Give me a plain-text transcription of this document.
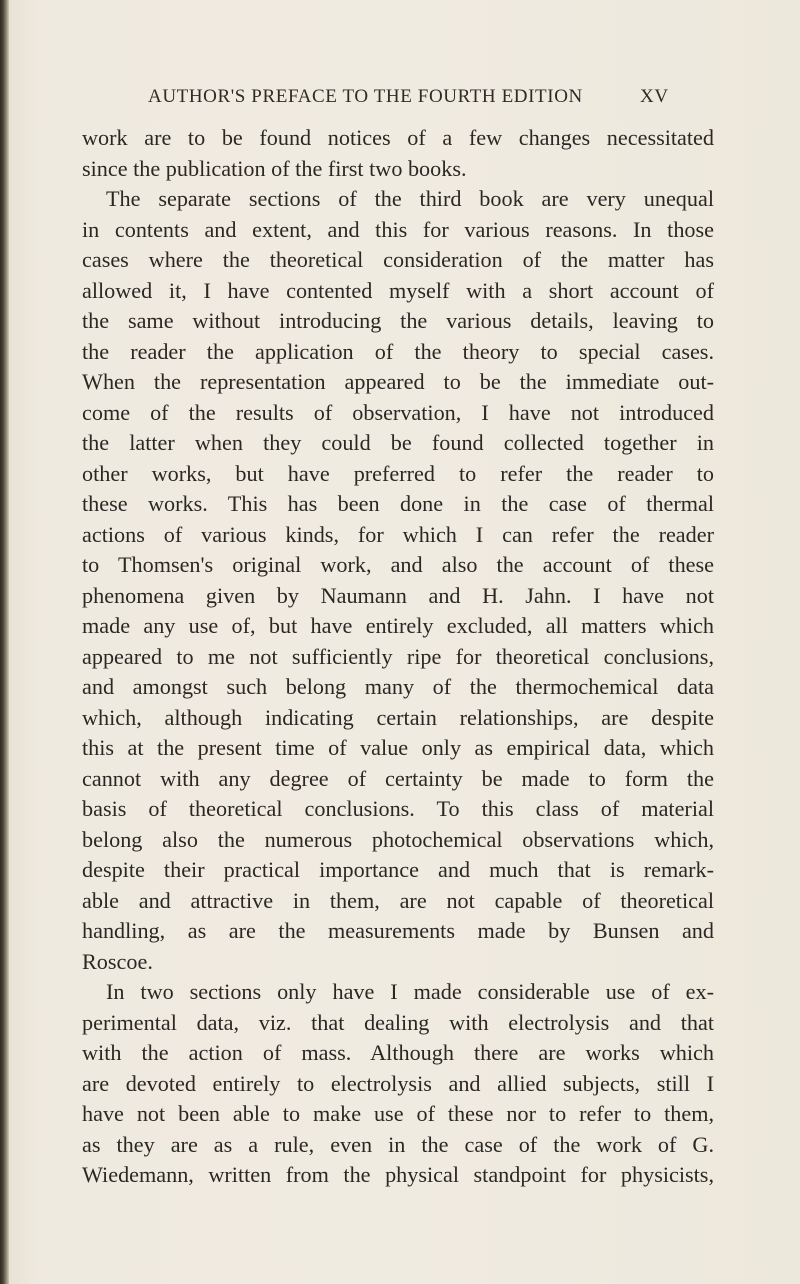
AUTHOR'S PREFACE TO THE FOURTH EDITION	XV
work are to be found notices of a few changes necessitated
since the publication of the first two books.
The separate sections of the third book are very unequal
in contents and extent, and this for various reasons. In those
cases where the theoretical consideration of the matter has
allowed it, I have contented myself with a short account of
the same without introducing the various details, leaving to
the reader the application of the theory to special cases.
When the representation appeared to be the immediate out-
come of the results of observation, I have not introduced
the latter when they could be found collected together in
other works, but have preferred to refer the reader to
these works. This has been done in the case of thermal
actions of various kinds, for which I can refer the reader
to Thomsen's original work, and also the account of these
phenomena given by Naumann and H. Jahn. I have not
made any use of, but have entirely excluded, all matters which
appeared to me not sufficiently ripe for theoretical conclusions,
and amongst such belong many of the thermochemical data
which, although indicating certain relationships, are despite
this at the present time of value only as empirical data, which
cannot with any degree of certainty be made to form the
basis of theoretical conclusions. To this class of material
belong also the numerous photochemical observations which,
despite their practical importance and much that is remark-
able and attractive in them, are not capable of theoretical
handling, as are the measurements made by Bunsen and
Roscoe.
In two sections only have I made considerable use of ex-
perimental data, viz. that dealing with electrolysis and that
with the action of mass. Although there are works which
are devoted entirely to electrolysis and allied subjects, still I
have not been able to make use of these nor to refer to them,
as they are as a rule, even in the case of the work of G.
Wiedemann, written from the physical standpoint for physicists,
